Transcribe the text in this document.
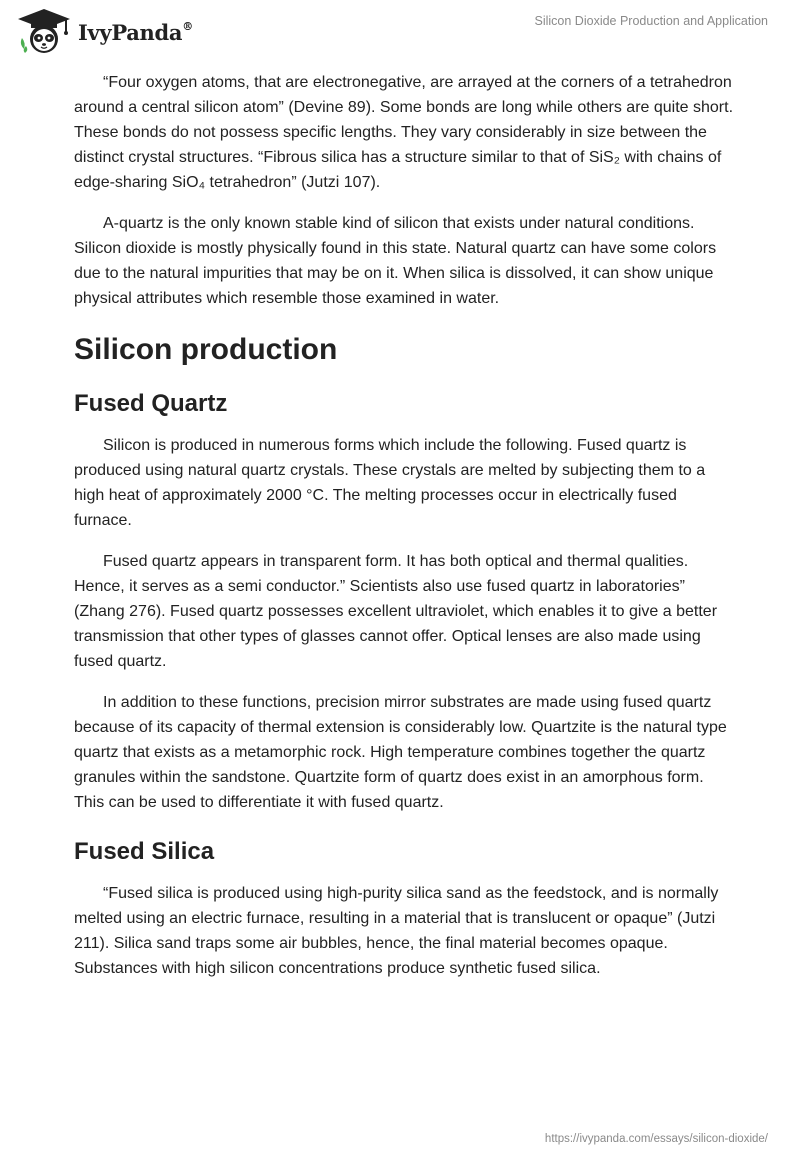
IvyPanda®	Silicon Dioxide Production and Application

“Four oxygen atoms, that are electronegative, are arrayed at the corners of a tetrahedron around a central silicon atom” (Devine 89). Some bonds are long while others are quite short. These bonds do not possess specific lengths. They vary considerably in size between the distinct crystal structures. “Fibrous silica has a structure similar to that of SiS₂ with chains of edge-sharing SiO₄ tetrahedron” (Jutzi 107).

A-quartz is the only known stable kind of silicon that exists under natural conditions. Silicon dioxide is mostly physically found in this state. Natural quartz can have some colors due to the natural impurities that may be on it. When silica is dissolved, it can show unique physical attributes which resemble those examined in water.

Silicon production
Fused Quartz

Silicon is produced in numerous forms which include the following. Fused quartz is produced using natural quartz crystals. These crystals are melted by subjecting them to a high heat of approximately 2000 °C. The melting processes occur in electrically fused furnace.

Fused quartz appears in transparent form. It has both optical and thermal qualities. Hence, it serves as a semi conductor.” Scientists also use fused quartz in laboratories” (Zhang 276). Fused quartz possesses excellent ultraviolet, which enables it to give a better transmission that other types of glasses cannot offer. Optical lenses are also made using fused quartz.

In addition to these functions, precision mirror substrates are made using fused quartz because of its capacity of thermal extension is considerably low. Quartzite is the natural type quartz that exists as a metamorphic rock. High temperature combines together the quartz granules within the sandstone. Quartzite form of quartz does exist in an amorphous form. This can be used to differentiate it with fused quartz.

Fused Silica

“Fused silica is produced using high-purity silica sand as the feedstock, and is normally melted using an electric furnace, resulting in a material that is translucent or opaque” (Jutzi 211). Silica sand traps some air bubbles, hence, the final material becomes opaque. Substances with high silicon concentrations produce synthetic fused silica.

https://ivypanda.com/essays/silicon-dioxide/
